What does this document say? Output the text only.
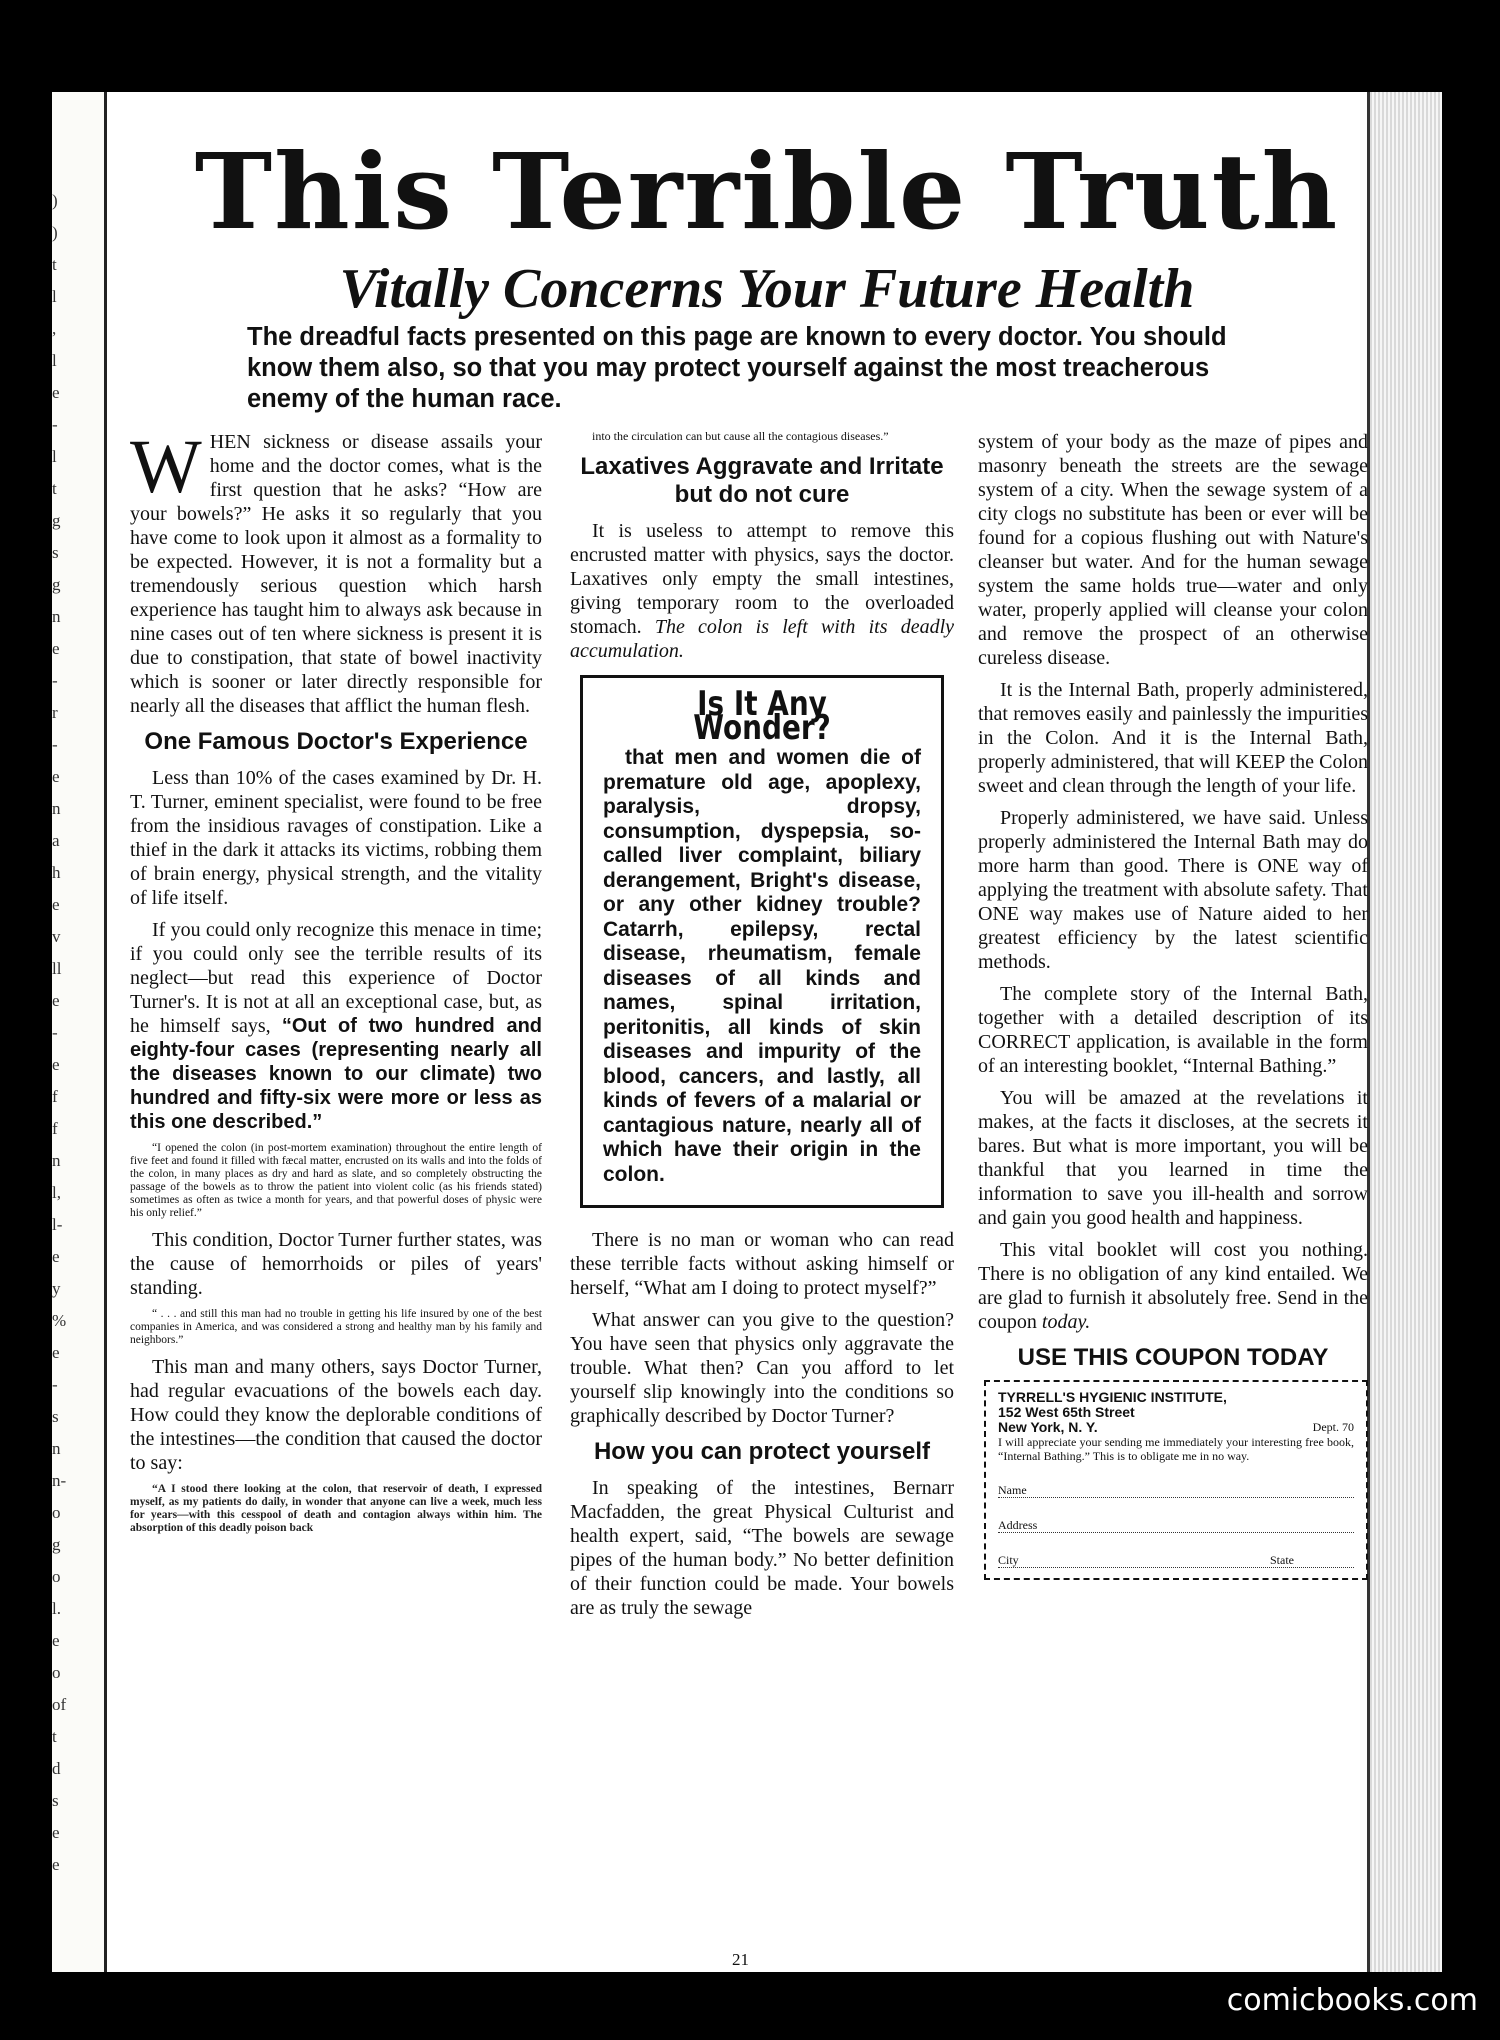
)
)
t
l
,
l
e
-
l
t
g
s
g
n
e
-
r
-
e
n
a
h
e
v
ll
e
-
e
f
f
n
l,
l-
e
y
%
e
-
s
n
n-
o
g
o
l.
e
o
of
t
d
s
e
e
This Terrible Truth
Vitally Concerns Your Future Health

The dreadful facts presented on this page are known to every doctor. You should know them also, so that you may protect yourself against the most treacherous enemy of the human race.

WHEN sickness or disease assails your home and the doctor comes, what is the first question that he asks? “How are your bowels?” He asks it so regularly that you have come to look upon it almost as a formality to be expected. However, it is not a formality but a tremendously serious question which harsh experience has taught him to always ask because in nine cases out of ten where sickness is present it is due to constipation, that state of bowel inactivity which is sooner or later directly responsible for nearly all the diseases that afflict the human flesh.

One Famous Doctor's Experience

Less than 10% of the cases examined by Dr. H. T. Turner, eminent specialist, were found to be free from the insidious ravages of constipation. Like a thief in the dark it attacks its victims, robbing them of brain energy, physical strength, and the vitality of life itself.

If you could only recognize this menace in time; if you could only see the terrible results of its neglect—but read this experience of Doctor Turner's. It is not at all an exceptional case, but, as he himself says, “Out of two hundred and eighty-four cases (representing nearly all the diseases known to our climate) two hundred and fifty-six were more or less as this one described.”

“I opened the colon (in post-mortem examination) throughout the entire length of five feet and found it filled with fæcal matter, encrusted on its walls and into the folds of the colon, in many places as dry and hard as slate, and so completely obstructing the passage of the bowels as to throw the patient into violent colic (as his friends stated) sometimes as often as twice a month for years, and that powerful doses of physic were his only relief.”

This condition, Doctor Turner further states, was the cause of hemorrhoids or piles of years' standing.

“ . . . and still this man had no trouble in getting his life insured by one of the best companies in America, and was considered a strong and healthy man by his family and neighbors.”

This man and many others, says Doctor Turner, had regular evacuations of the bowels each day. How could they know the deplorable conditions of the intestines—the condition that caused the doctor to say:

“A I stood there looking at the colon, that reservoir of death, I expressed myself, as my patients do daily, in wonder that anyone can live a week, much less for years—with this cesspool of death and contagion always within him. The absorption of this deadly poison back

into the circulation can but cause all the contagious diseases.”

Laxatives Aggravate and Irritate but do not cure

It is useless to attempt to remove this encrusted matter with physics, says the doctor. Laxatives only empty the small intestines, giving temporary room to the overloaded stomach. The colon is left with its deadly accumulation.

Is It Any Wonder?

that men and women die of premature old age, apoplexy, paralysis, dropsy, consumption, dyspepsia, so-called liver complaint, biliary derangement, Bright's disease, or any other kidney trouble? Catarrh, epilepsy, rectal disease, rheumatism, female diseases of all kinds and names, spinal irritation, peritonitis, all kinds of skin diseases and impurity of the blood, cancers, and lastly, all kinds of fevers of a malarial or cantagious nature, nearly all of which have their origin in the colon.

There is no man or woman who can read these terrible facts without asking himself or herself, “What am I doing to protect myself?”

What answer can you give to the question? You have seen that physics only aggravate the trouble. What then? Can you afford to let yourself slip knowingly into the conditions so graphically described by Doctor Turner?

How you can protect yourself

In speaking of the intestines, Bernarr Macfadden, the great Physical Culturist and health expert, said, “The bowels are sewage pipes of the human body.” No better definition of their function could be made. Your bowels are as truly the sewage

system of your body as the maze of pipes and masonry beneath the streets are the sewage system of a city. When the sewage system of a city clogs no substitute has been or ever will be found for a copious flushing out with Nature's cleanser but water. And for the human sewage system the same holds true—water and only water, properly applied will cleanse your colon and remove the prospect of an otherwise cureless disease.

It is the Internal Bath, properly administered, that removes easily and painlessly the impurities in the Colon. And it is the Internal Bath, properly administered, that will KEEP the Colon sweet and clean through the length of your life.

Properly administered, we have said. Unless properly administered the Internal Bath may do more harm than good. There is ONE way of applying the treatment with absolute safety. That ONE way makes use of Nature aided to her greatest efficiency by the latest scientific methods.

The complete story of the Internal Bath, together with a detailed description of its CORRECT application, is available in the form of an interesting booklet, “Internal Bathing.”

You will be amazed at the revelations it makes, at the facts it discloses, at the secrets it bares. But what is more important, you will be thankful that you learned in time the information to save you ill-health and sorrow and gain you good health and happiness.

This vital booklet will cost you nothing. There is no obligation of any kind entailed. We are glad to furnish it absolutely free. Send in the coupon today.

USE THIS COUPON TODAY
TYRRELL'S HYGIENIC INSTITUTE,
152 West 65th Street
New York, N. Y.	Dept. 70
I will appreciate your sending me immediately your interesting free book, “Internal Bathing.” This is to obligate me in no way.
Name
Address
City	State
21
comicbooks.com
